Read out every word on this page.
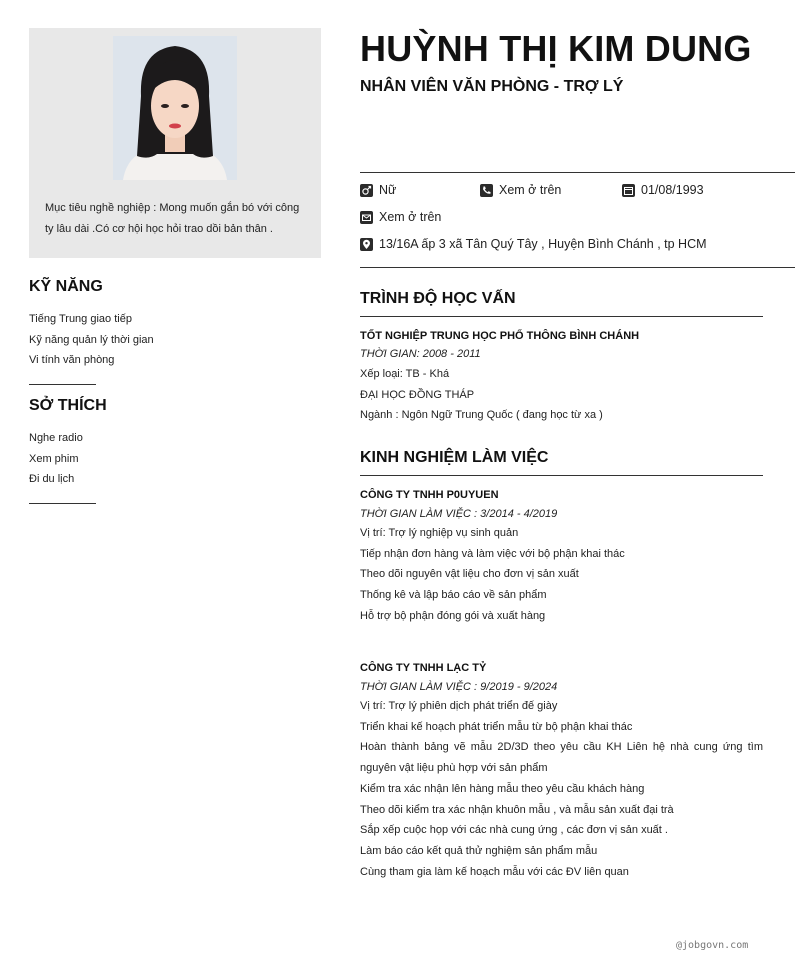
Mục tiêu nghề nghiệp : Mong muốn gắn bó với công ty lâu dài .Có cơ hội học hỏi trao dồi bản thân .
KỸ NĂNG
Tiếng Trung giao tiếp
Kỹ năng quản lý thời gian
Vi tính văn phòng
SỞ THÍCH
Nghe radio
Xem phim
Đi du lịch
HUỲNH THỊ KIM DUNG
NHÂN VIÊN VĂN PHÒNG - TRỢ LÝ
Nữ	Xem ở trên	01/08/1993
Xem ở trên
13/16A ấp 3 xã Tân Quý Tây , Huyện Bình Chánh , tp HCM
TRÌNH ĐỘ HỌC VẤN
TỐT NGHIỆP TRUNG HỌC PHỔ THÔNG BÌNH CHÁNH
THỜI GIAN: 2008 - 2011
Xếp loại: TB - Khá
ĐẠI HỌC ĐỒNG THÁP
Ngành : Ngôn Ngữ Trung Quốc ( đang học từ xa )
KINH NGHIỆM LÀM VIỆC
CÔNG TY TNHH P0UYUEN
THỜI GIAN LÀM VIỆC : 3/2014 - 4/2019
Vị trí: Trợ lý nghiệp vụ sinh quản
Tiếp nhận đơn hàng và làm việc với bộ phận khai thác
Theo dõi nguyên vật liệu cho đơn vị sản xuất
Thống kê và lập báo cáo về sản phẩm
Hỗ trợ bộ phận đóng gói và xuất hàng
CÔNG TY TNHH LẠC TỶ
THỜI GIAN LÀM VIỆC : 9/2019 - 9/2024
Vị trí: Trợ lý phiên dịch phát triển đế giày
Triển khai kế hoạch phát triển mẫu từ bộ phận khai thác
Hoàn thành bảng vẽ mẫu 2D/3D theo yêu cầu KH Liên hệ nhà cung ứng tìm nguyên vật liệu phù hợp với sản phẩm
Kiểm tra xác nhận lên hàng mẫu theo yêu cầu khách hàng
Theo dõi kiểm tra xác nhận khuôn mẫu , và mẫu sản xuất đại trà
Sắp xếp cuộc họp với các nhà cung ứng , các đơn vị sản xuất .
Làm báo cáo kết quả thử nghiệm sản phẩm mẫu
Cùng tham gia làm kế hoạch mẫu với các ĐV liên quan
@jobgovn.com
